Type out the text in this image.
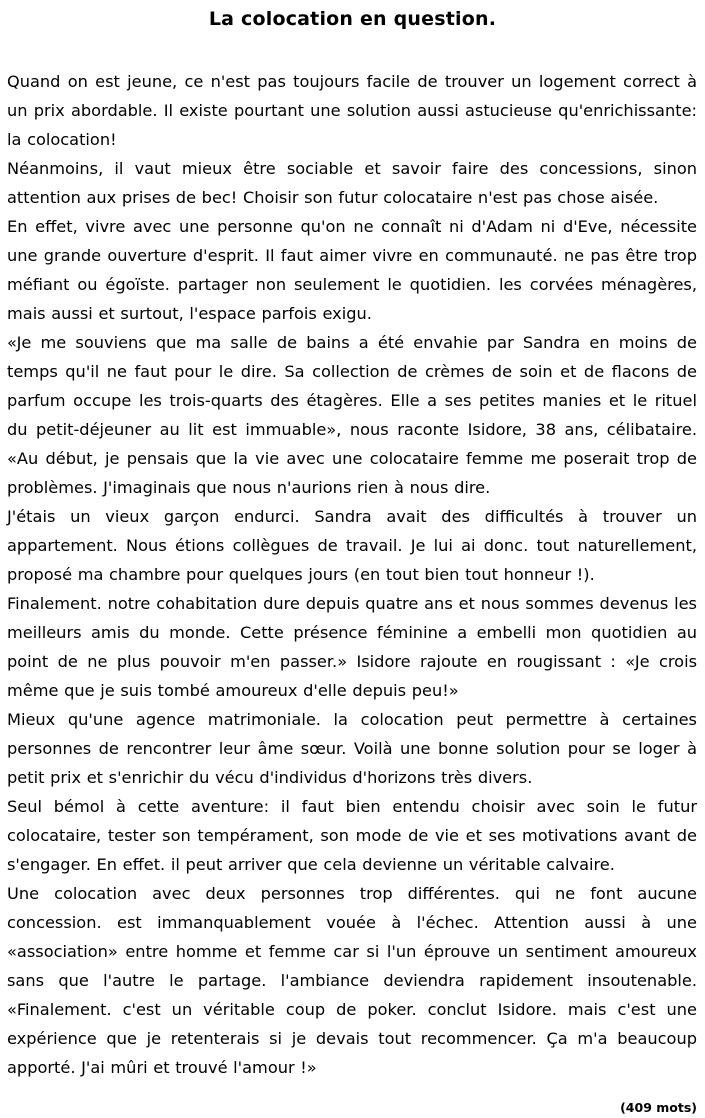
La colocation en question.

Quand on est jeune, ce n'est pas toujours facile de trouver un logement correct à un prix abordable. Il existe pourtant une solution aussi astucieuse qu'enrichissante: la colocation!

Néanmoins, il vaut mieux être sociable et savoir faire des concessions, sinon attention aux prises de bec! Choisir son futur colocataire n'est pas chose aisée.

En effet, vivre avec une personne qu'on ne connaît ni d'Adam ni d'Eve, nécessite une grande ouverture d'esprit. Il faut aimer vivre en communauté. ne pas être trop méfiant ou égoïste. partager non seulement le quotidien. les corvées ménagères, mais aussi et surtout, l'espace parfois exigu.

«Je me souviens que ma salle de bains a été envahie par Sandra en moins de temps qu'il ne faut pour le dire. Sa collection de crèmes de soin et de flacons de parfum occupe les trois-quarts des étagères. Elle a ses petites manies et le rituel du petit-déjeuner au lit est immuable», nous raconte Isidore, 38 ans, célibataire. «Au début, je pensais que la vie avec une colocataire femme me poserait trop de problèmes. J'imaginais que nous n'aurions rien à nous dire.

J'étais un vieux garçon endurci. Sandra avait des difficultés à trouver un appartement. Nous étions collègues de travail. Je lui ai donc. tout naturellement, proposé ma chambre pour quelques jours (en tout bien tout honneur !).

Finalement. notre cohabitation dure depuis quatre ans et nous sommes devenus les meilleurs amis du monde. Cette présence féminine a embelli mon quotidien au point de ne plus pouvoir m'en passer.» Isidore rajoute en rougissant : «Je crois même que je suis tombé amoureux d'elle depuis peu!»

Mieux qu'une agence matrimoniale. la colocation peut permettre à certaines personnes de rencontrer leur âme sœur. Voilà une bonne solution pour se loger à petit prix et s'enrichir du vécu d'individus d'horizons très divers.

Seul bémol à cette aventure: il faut bien entendu choisir avec soin le futur colocataire, tester son tempérament, son mode de vie et ses motivations avant de s'engager. En effet. il peut arriver que cela devienne un véritable calvaire.

Une colocation avec deux personnes trop différentes. qui ne font aucune concession. est immanquablement vouée à l'échec. Attention aussi à une «association» entre homme et femme car si l'un éprouve un sentiment amoureux sans que l'autre le partage. l'ambiance deviendra rapidement insoutenable. «Finalement. c'est un véritable coup de poker. conclut Isidore. mais c'est une expérience que je retenterais si je devais tout recommencer. Ça m'a beaucoup apporté. J'ai mûri et trouvé l'amour !»

(409 mots)
